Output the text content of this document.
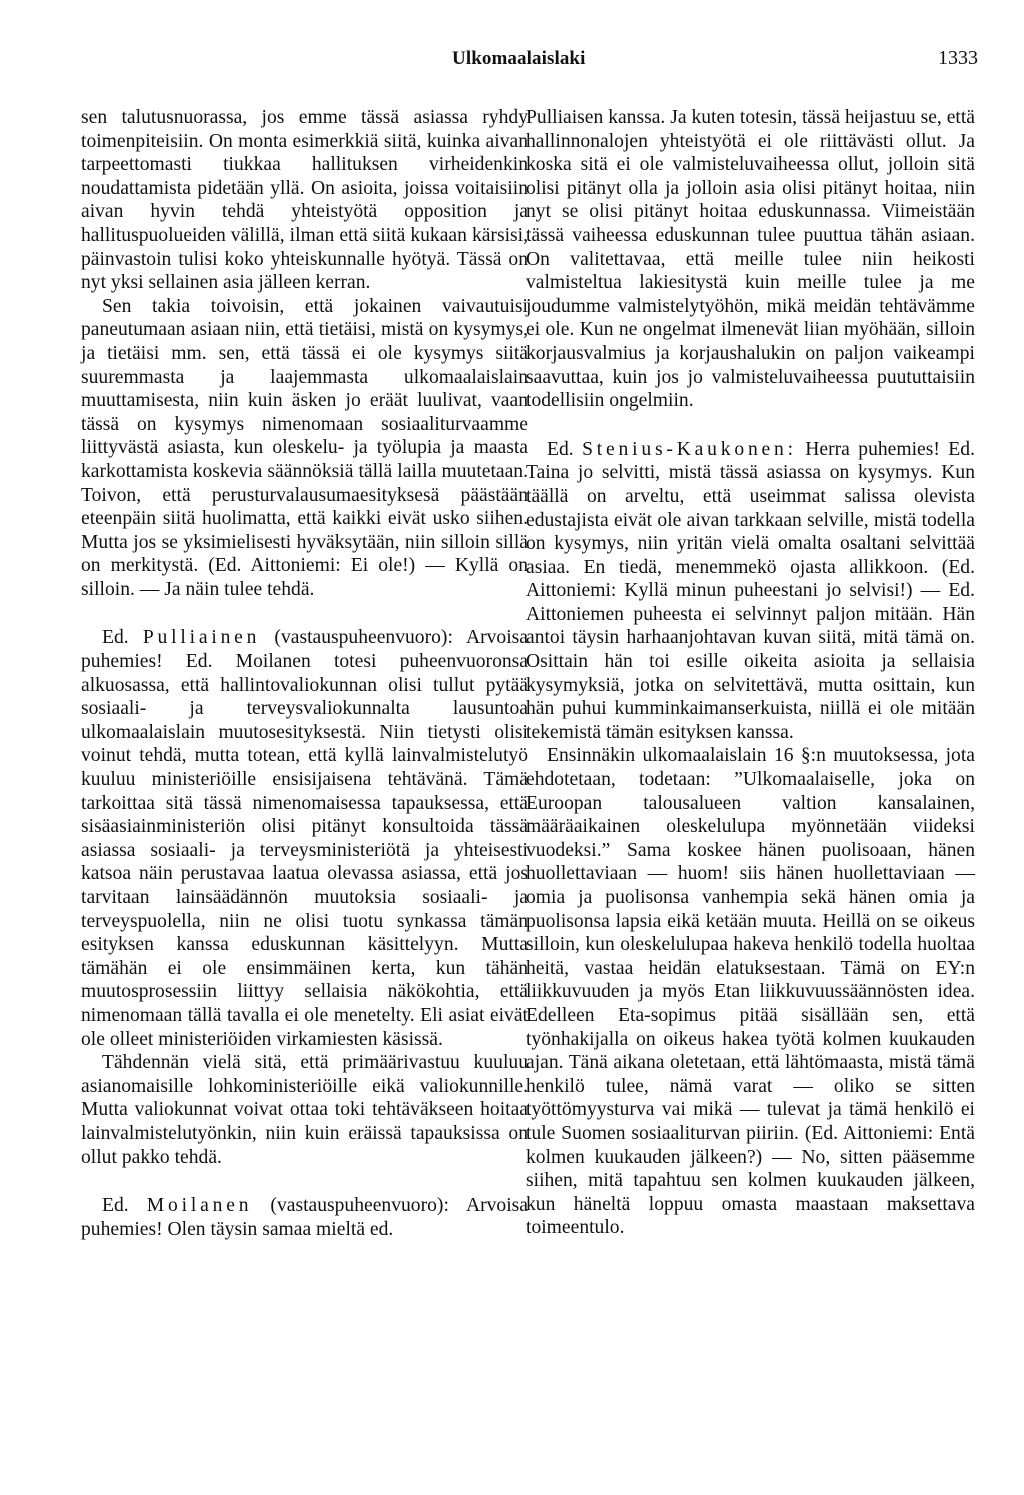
Ulkomaalaislaki	1333

sen talutusnuorassa, jos emme tässä asiassa ryhdy toimenpiteisiin. On monta esimerkkiä siitä, kuinka aivan tarpeettomasti tiukkaa hallituksen virheidenkin noudattamista pidetään yllä. On asioita, joissa voitaisiin aivan hyvin tehdä yhteistyötä opposition ja hallituspuolueiden välillä, ilman että siitä kukaan kärsisi, päinvastoin tulisi koko yhteiskunnalle hyötyä. Tässä on nyt yksi sellainen asia jälleen kerran.

Sen takia toivoisin, että jokainen vaivautuisi paneutumaan asiaan niin, että tietäisi, mistä on kysymys, ja tietäisi mm. sen, että tässä ei ole kysymys siitä suuremmasta ja laajemmasta ulkomaalaislain muuttamisesta, niin kuin äsken jo eräät luulivat, vaan tässä on kysymys nimenomaan sosiaaliturvaamme liittyvästä asiasta, kun oleskelu- ja työlupia ja maasta karkottamista koskevia säännöksiä tällä lailla muutetaan. Toivon, että perusturvalausumaesityksesä päästään eteenpäin siitä huolimatta, että kaikki eivät usko siihen. Mutta jos se yksimielisesti hyväksytään, niin silloin sillä on merkitystä. (Ed. Aittoniemi: Ei ole!) — Kyllä on silloin. — Ja näin tulee tehdä.

Ed. Pulliainen (vastauspuheenvuoro): Arvoisa puhemies! Ed. Moilanen totesi puheenvuoronsa alkuosassa, että hallintovaliokunnan olisi tullut pytää sosiaali- ja terveysvaliokunnalta lausuntoa ulkomaalaislain muutosesityksestä. Niin tietysti olisi voinut tehdä, mutta totean, että kyllä lainvalmistelutyö kuuluu ministeriöille ensisijaisena tehtävänä. Tämä tarkoittaa sitä tässä nimenomaisessa tapauksessa, että sisäasiainministeriön olisi pitänyt konsultoida tässä asiassa sosiaali- ja terveysministeriötä ja yhteisesti katsoa näin perustavaa laatua olevassa asiassa, että jos tarvitaan lainsäädännön muutoksia sosiaali- ja terveyspuolella, niin ne olisi tuotu synkassa tämän esityksen kanssa eduskunnan käsittelyyn. Mutta tämähän ei ole ensimmäinen kerta, kun tähän muutosprosessiin liittyy sellaisia näkökohtia, että nimenomaan tällä tavalla ei ole menetelty. Eli asiat eivät ole olleet ministeriöiden virkamiesten käsissä.

Tähdennän vielä sitä, että primäärivastuu kuuluu asianomaisille lohkoministeriöille eikä valiokunnille. Mutta valiokunnat voivat ottaa toki tehtäväkseen hoitaa lainvalmistelutyönkin, niin kuin eräissä tapauksissa on ollut pakko tehdä.

Ed. Moilanen (vastauspuheenvuoro): Arvoisa puhemies! Olen täysin samaa mieltä ed.

Pulliaisen kanssa. Ja kuten totesin, tässä heijastuu se, että hallinnonalojen yhteistyötä ei ole riittävästi ollut. Ja koska sitä ei ole valmisteluvaiheessa ollut, jolloin sitä olisi pitänyt olla ja jolloin asia olisi pitänyt hoitaa, niin nyt se olisi pitänyt hoitaa eduskunnassa. Viimeistään tässä vaiheessa eduskunnan tulee puuttua tähän asiaan. On valitettavaa, että meille tulee niin heikosti valmisteltua lakiesitystä kuin meille tulee ja me joudumme valmistelytyöhön, mikä meidän tehtävämme ei ole. Kun ne ongelmat ilmenevät liian myöhään, silloin korjausvalmius ja korjaushalukin on paljon vaikeampi saavuttaa, kuin jos jo valmisteluvaiheessa puututtaisiin todellisiin ongelmiin.

Ed. Stenius-Kaukonen: Herra puhemies! Ed. Taina jo selvitti, mistä tässä asiassa on kysymys. Kun täällä on arveltu, että useimmat salissa olevista edustajista eivät ole aivan tarkkaan selville, mistä todella on kysymys, niin yritän vielä omalta osaltani selvittää asiaa. En tiedä, menemmekö ojasta allikkoon. (Ed. Aittoniemi: Kyllä minun puheestani jo selvisi!) — Ed. Aittoniemen puheesta ei selvinnyt paljon mitään. Hän antoi täysin harhaanjohtavan kuvan siitä, mitä tämä on. Osittain hän toi esille oikeita asioita ja sellaisia kysymyksiä, jotka on selvitettävä, mutta osittain, kun hän puhui kumminkaimanserkuista, niillä ei ole mitään tekemistä tämän esityksen kanssa.

Ensinnäkin ulkomaalaislain 16 §:n muutoksessa, jota ehdotetaan, todetaan: ”Ulkomaalaiselle, joka on Euroopan talousalueen valtion kansalainen, määräaikainen oleskelulupa myönnetään viideksi vuodeksi.” Sama koskee hänen puolisoaan, hänen huollettaviaan — huom! siis hänen huollettaviaan — omia ja puolisonsa vanhempia sekä hänen omia ja puolisonsa lapsia eikä ketään muuta. Heillä on se oikeus silloin, kun oleskelulupaa hakeva henkilö todella huoltaa heitä, vastaa heidän elatuksestaan. Tämä on EY:n liikkuvuuden ja myös Etan liikkuvuussäännösten idea. Edelleen Eta-sopimus pitää sisällään sen, että työnhakijalla on oikeus hakea työtä kolmen kuukauden ajan. Tänä aikana oletetaan, että lähtömaasta, mistä tämä henkilö tulee, nämä varat — oliko se sitten työttömyysturva vai mikä — tulevat ja tämä henkilö ei tule Suomen sosiaaliturvan piiriin. (Ed. Aittoniemi: Entä kolmen kuukauden jälkeen?) — No, sitten pääsemme siihen, mitä tapahtuu sen kolmen kuukauden jälkeen, kun häneltä loppuu omasta maastaan maksettava toimeentulo.
